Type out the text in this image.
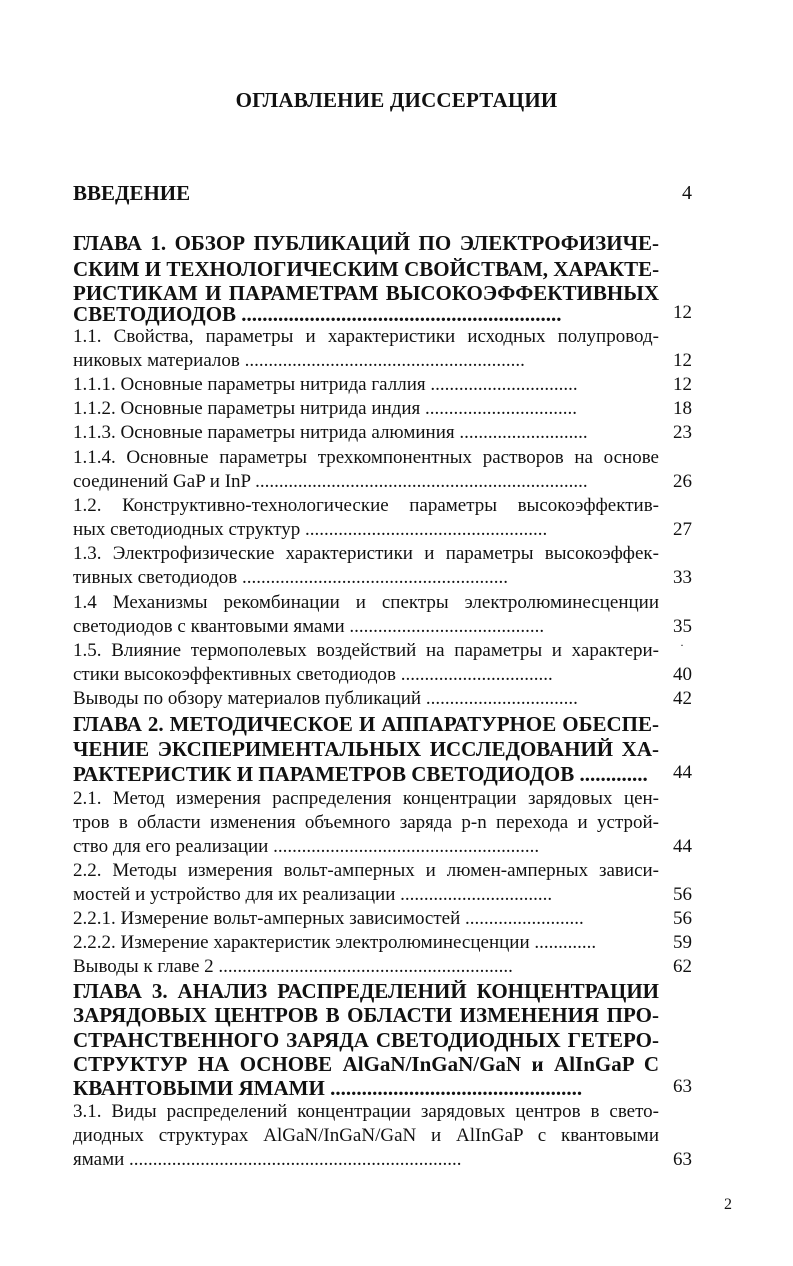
ОГЛАВЛЕНИЕ ДИССЕРТАЦИИ
ВВЕДЕНИЕ	4
ГЛАВА 1. ОБЗОР ПУБЛИКАЦИЙ ПО ЭЛЕКТРОФИЗИЧЕ-
СКИМ И ТЕХНОЛОГИЧЕСКИМ СВОЙСТВАМ, ХАРАКТЕ-
РИСТИКАМ И ПАРАМЕТРАМ ВЫСОКОЭФФЕКТИВНЫХ
СВЕТОДИОДОВ .............................................................	12
1.1. Свойства, параметры и характеристики исходных полупровод-
никовых материалов ...........................................................	12
1.1.1. Основные параметры нитрида галлия ...............................	12
1.1.2. Основные параметры нитрида индия ................................	18
1.1.3. Основные параметры нитрида алюминия ...........................	23
1.1.4. Основные параметры трехкомпонентных растворов на основе
соединений GaP и InP ......................................................................	26
1.2. Конструктивно-технологические параметры высокоэффектив-
ных светодиодных структур ...................................................	27
1.3. Электрофизические характеристики и параметры высокоэффек-
тивных светодиодов ........................................................	33
1.4 Механизмы рекомбинации и спектры электролюминесценции
светодиодов с квантовыми ямами .........................................	35
1.5. Влияние термополевых воздействий на параметры и характери-
стики высокоэффективных светодиодов ................................	40
·
Выводы по обзору материалов публикаций ................................	42
ГЛАВА 2. МЕТОДИЧЕСКОЕ И АППАРАТУРНОЕ ОБЕСПЕ-
ЧЕНИЕ ЭКСПЕРИМЕНТАЛЬНЫХ ИССЛЕДОВАНИЙ ХА-
РАКТЕРИСТИК И ПАРАМЕТРОВ СВЕТОДИОДОВ .............	44
2.1. Метод измерения распределения концентрации зарядовых цен-
тров в области изменения объемного заряда p-n перехода и устрой-
ство для его реализации ........................................................	44
2.2. Методы измерения вольт-амперных и люмен-амперных зависи-
мостей и устройство для их реализации ................................	56
2.2.1. Измерение вольт-амперных зависимостей .........................	56
2.2.2. Измерение характеристик электролюминесценции .............	59
Выводы к главе 2 ..............................................................	62
ГЛАВА 3. АНАЛИЗ РАСПРЕДЕЛЕНИЙ КОНЦЕНТРАЦИИ
ЗАРЯДОВЫХ ЦЕНТРОВ В ОБЛАСТИ ИЗМЕНЕНИЯ ПРО-
СТРАНСТВЕННОГО ЗАРЯДА СВЕТОДИОДНЫХ ГЕТЕРО-
СТРУКТУР НА ОСНОВЕ AlGaN/InGaN/GaN и AlInGaP С
КВАНТОВЫМИ ЯМАМИ ................................................	63
3.1. Виды распределений концентрации зарядовых центров в свето-
диодных структурах AlGaN/InGaN/GaN и AlInGaP с квантовыми
ямами ......................................................................	63
2
